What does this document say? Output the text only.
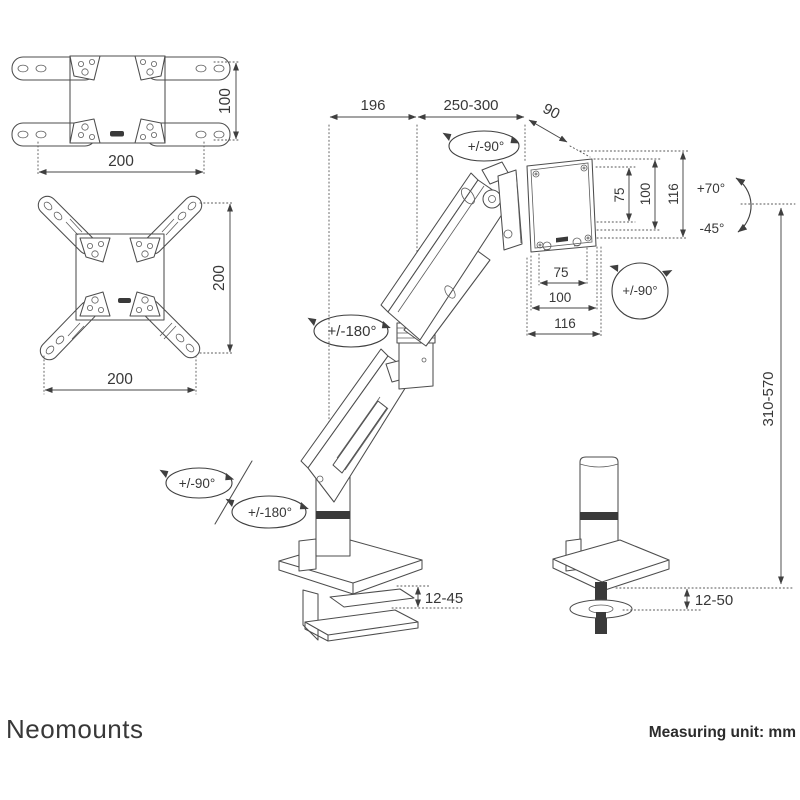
100
200
200
200
196	250-300	90
+/-90°
75 100 116 +70°
-45°
310-570
75
100
116
+/-90°
+/-180°
+/-90°
+/-180°
12-45	12-50
Neomounts	Measuring unit: mm
